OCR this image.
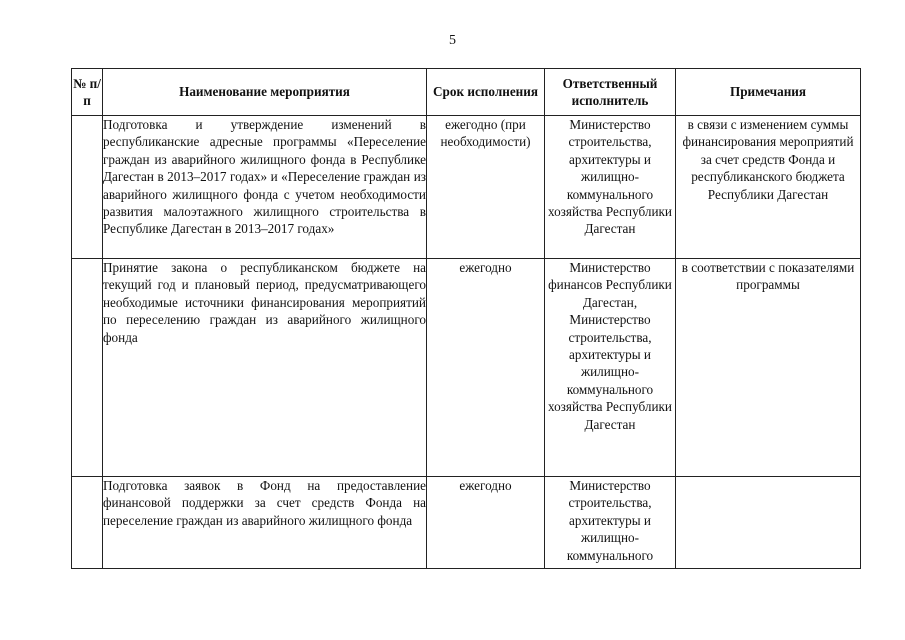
5
№ п/п	Наименование мероприятия	Срок исполнения	Ответственный исполнитель	Примечания
	Подготовка и утверждение изменений в республиканские адресные программы «Переселение граждан из аварийного жилищного фонда в Республике Дагестан в 2013–2017 годах» и «Переселение граждан из аварийного жилищного фонда с учетом необходимости развития малоэтажного жилищного строительства в Республике Дагестан в 2013–2017 годах»	ежегодно (при необходимости)	Министерство строительства, архитектуры и жилищно-коммунального хозяйства Республики Дагестан	в связи с изменением суммы финансирования мероприятий за счет средств Фонда и республиканского бюджета Республики Дагестан
	Принятие закона о республиканском бюджете на текущий год и плановый период, предусматривающего необходимые источники финансирования мероприятий по переселению граждан из аварийного жилищного фонда	ежегодно	Министерство финансов Республики Дагестан, Министерство строительства, архитектуры и жилищно-коммунального хозяйства Республики Дагестан	в соответствии с показателями программы
	Подготовка заявок в Фонд на предоставление финансовой поддержки за счет средств Фонда на переселение граждан из аварийного жилищного фонда	ежегодно	Министерство строительства, архитектуры и жилищно-коммунального	
